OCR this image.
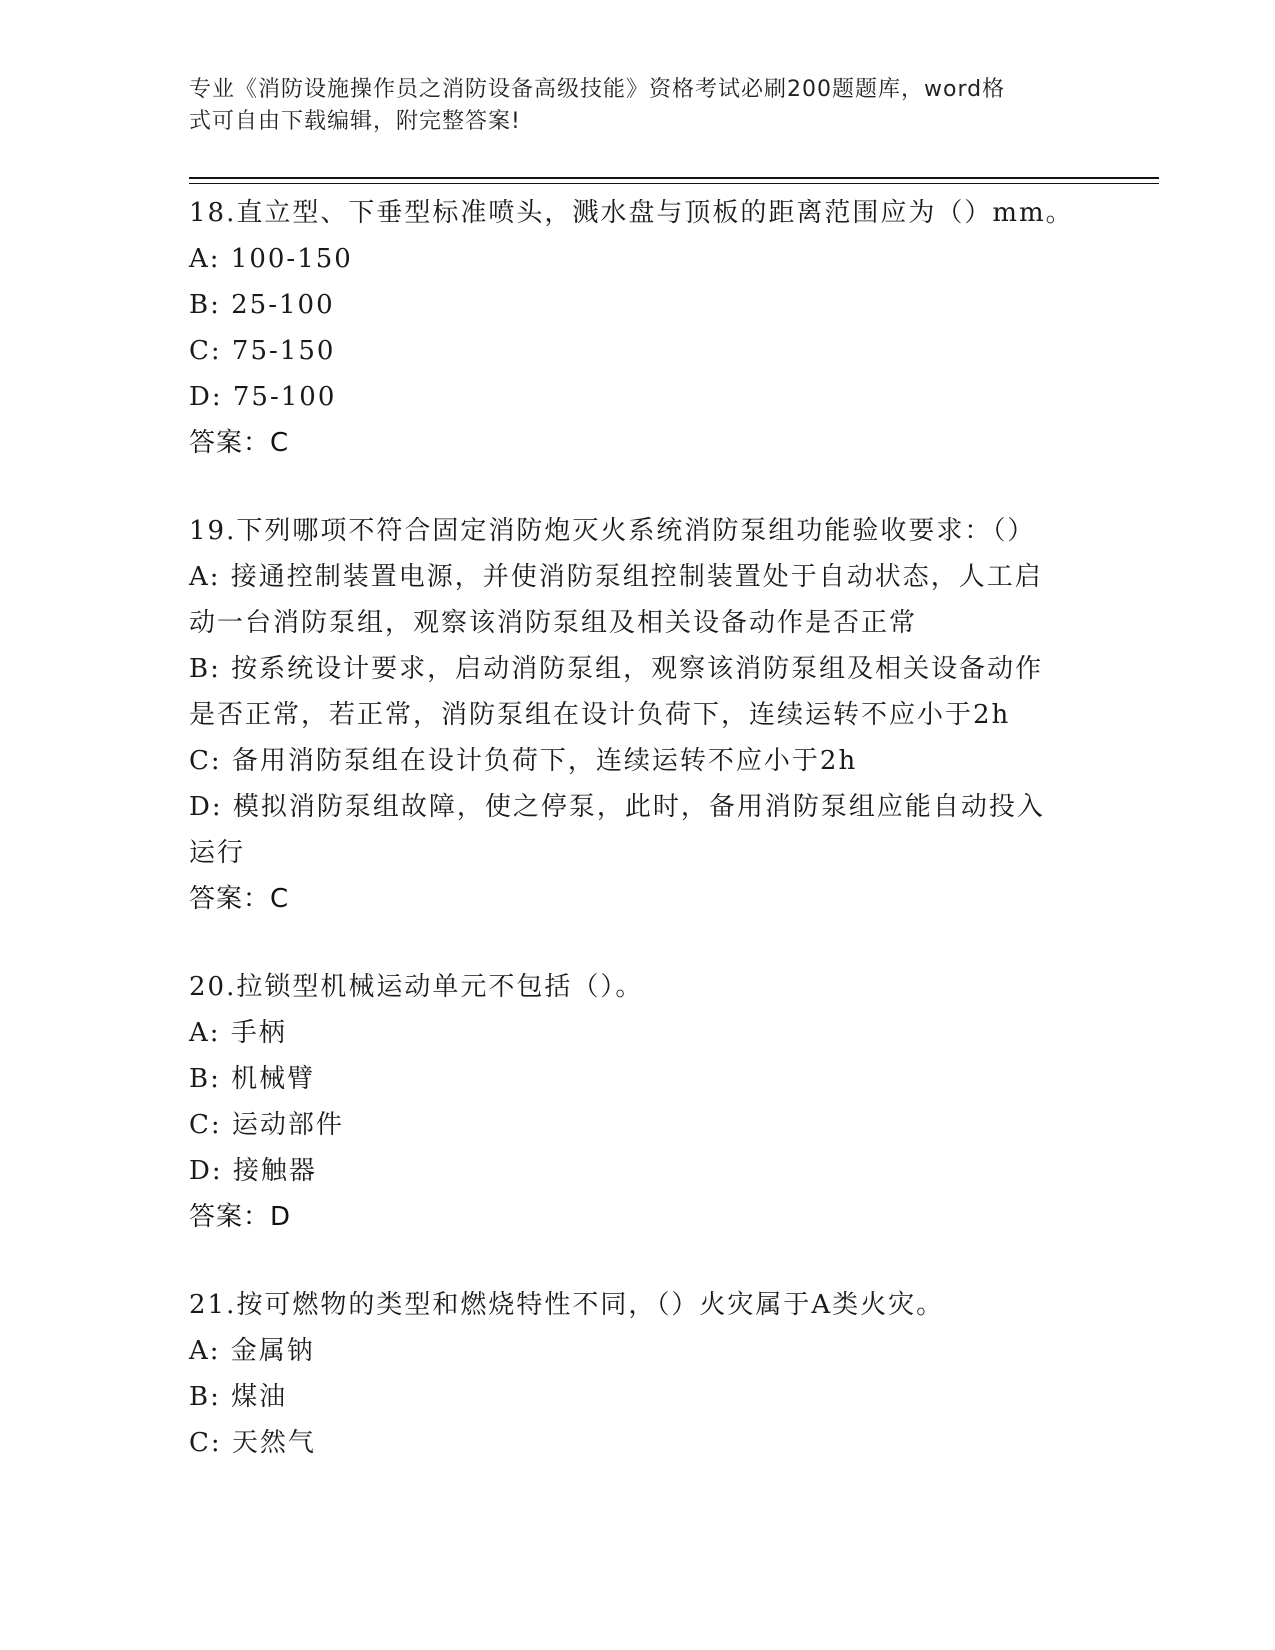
专业《消防设施操作员之消防设备高级技能》资格考试必刷200题题库，word格
式可自由下载编辑，附完整答案!
18.直立型、下垂型标准喷头，溅水盘与顶板的距离范围应为（）mm。
A: 100-150
B: 25-100
C: 75-150
D: 75-100
答案：C
19.下列哪项不符合固定消防炮灭火系统消防泵组功能验收要求：（）
A: 接通控制装置电源，并使消防泵组控制装置处于自动状态，人工启
动一台消防泵组，观察该消防泵组及相关设备动作是否正常
B: 按系统设计要求，启动消防泵组，观察该消防泵组及相关设备动作
是否正常，若正常，消防泵组在设计负荷下，连续运转不应小于2h
C: 备用消防泵组在设计负荷下，连续运转不应小于2h
D: 模拟消防泵组故障，使之停泵，此时，备用消防泵组应能自动投入
运行
答案：C
20.拉锁型机械运动单元不包括（）。
A: 手柄
B: 机械臂
C: 运动部件
D: 接触器
答案：D
21.按可燃物的类型和燃烧特性不同，（）火灾属于A类火灾。
A: 金属钠
B: 煤油
C: 天然气
